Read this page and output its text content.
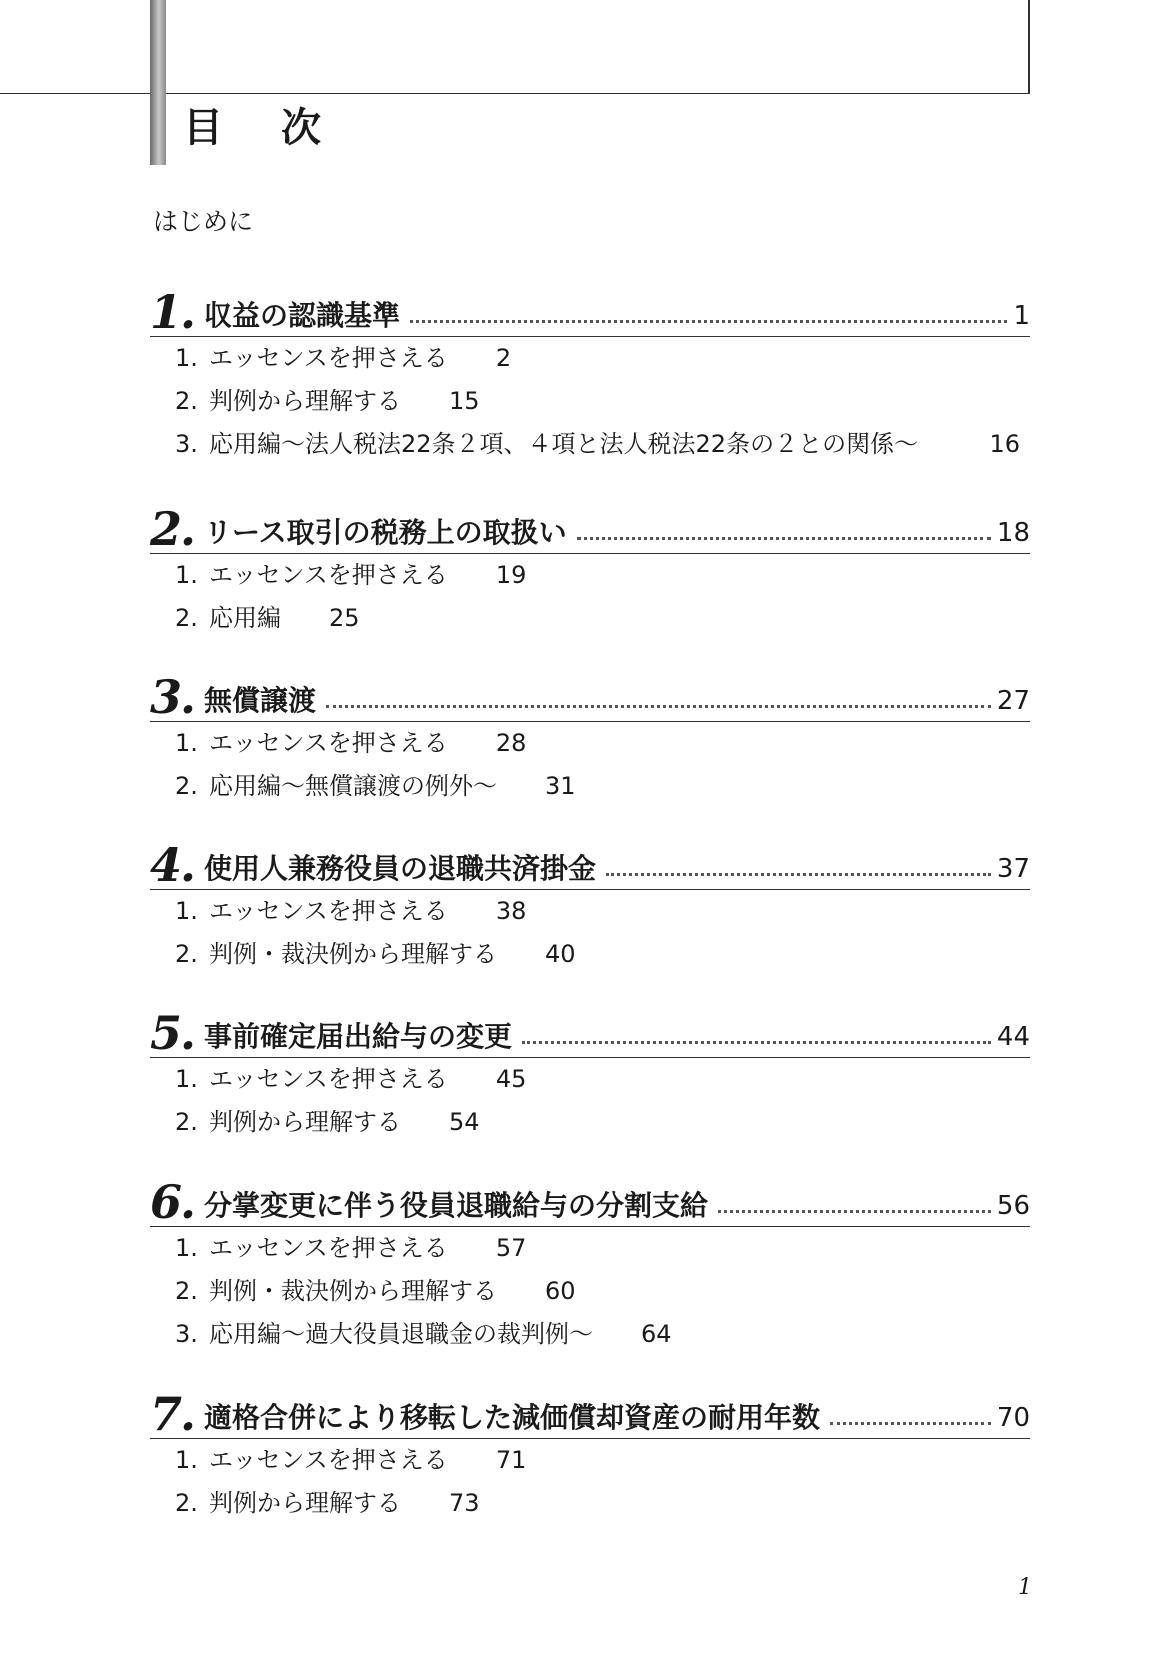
目次
はじめに
1. 収益の認識基準	1
1. エッセンスを押さえる 2
2. 判例から理解する 15
3. 応用編～法人税法22条２項、４項と法人税法22条の２との関係～	16
2. リース取引の税務上の取扱い	18
1. エッセンスを押さえる 19
2. 応用編 25
3. 無償譲渡	27
1. エッセンスを押さえる 28
2. 応用編～無償譲渡の例外～ 31
4. 使用人兼務役員の退職共済掛金	37
1. エッセンスを押さえる 38
2. 判例・裁決例から理解する 40
5. 事前確定届出給与の変更	44
1. エッセンスを押さえる 45
2. 判例から理解する 54
6. 分掌変更に伴う役員退職給与の分割支給	56
1. エッセンスを押さえる 57
2. 判例・裁決例から理解する 60
3. 応用編～過大役員退職金の裁判例～ 64
7. 適格合併により移転した減価償却資産の耐用年数	70
1. エッセンスを押さえる 71
2. 判例から理解する 73
1
